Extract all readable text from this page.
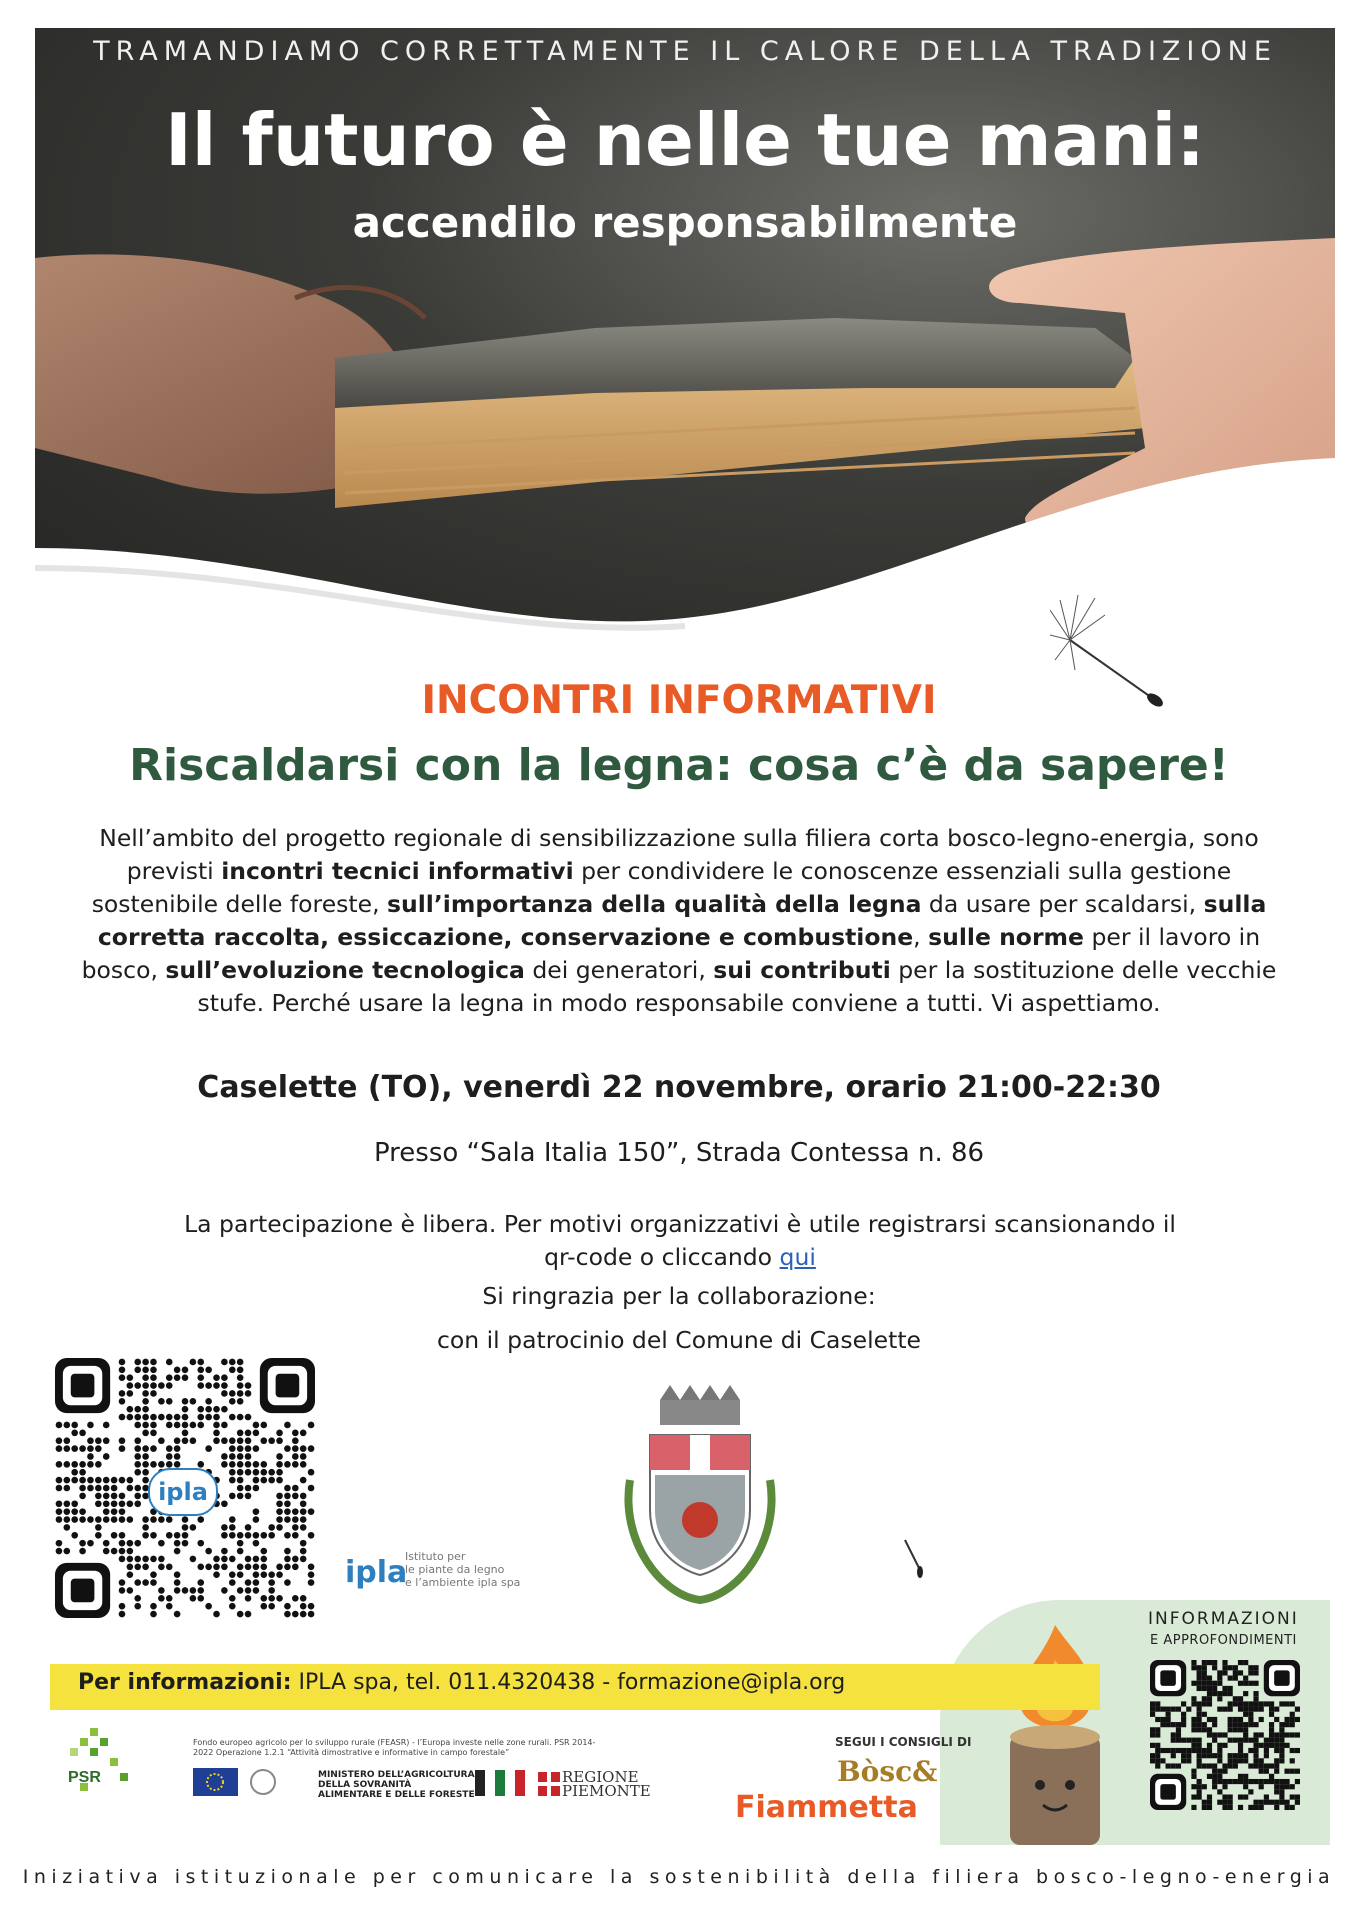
TRAMANDIAMO CORRETTAMENTE IL CALORE DELLA TRADIZIONE
Il futuro è nelle tue mani:
accendilo responsabilmente
INCONTRI INFORMATIVI
Riscaldarsi con la legna: cosa c’è da sapere!
Nell’ambito del progetto regionale di sensibilizzazione sulla filiera corta bosco-legno-energia, sono previsti incontri tecnici informativi per condividere le conoscenze essenziali sulla gestione sostenibile delle foreste, sull’importanza della qualità della legna da usare per scaldarsi, sulla corretta raccolta, essiccazione, conservazione e combustione, sulle norme per il lavoro in bosco, sull’evoluzione tecnologica dei generatori, sui contributi per la sostituzione delle vecchie stufe. Perché usare la legna in modo responsabile conviene a tutti. Vi aspettiamo.
Caselette (TO), venerdì 22 novembre, orario 21:00-22:30
Presso “Sala Italia 150”, Strada Contessa n. 86
La partecipazione è libera. Per motivi organizzativi è utile registrarsi scansionando il qr-code o cliccando qui
Si ringrazia per la collaborazione:
con il patrocinio del Comune di Caselette
ipla
ipla
Istituto per
le piante da legno
e l’ambiente ipla spa
INFORMAZIONI
E APPROFONDIMENTI
Per informazioni: IPLA spa, tel. 011.4320438 - formazione@ipla.org
PSR
Fondo europeo agricolo per lo sviluppo rurale (FEASR) - l’Europa investe nelle zone rurali. PSR 2014- 2022 Operazione 1.2.1 “Attività dimostrative e informative in campo forestale”
MINISTERO DELL’AGRICOLTURA DELLA SOVRANITÀ ALIMENTARE E DELLE FORESTE
REGIONE
PIEMONTE
SEGUI I CONSIGLI DI
Bòsc&
Fiammetta
Iniziativa istituzionale per comunicare la sostenibilità della filiera bosco-legno-energia
